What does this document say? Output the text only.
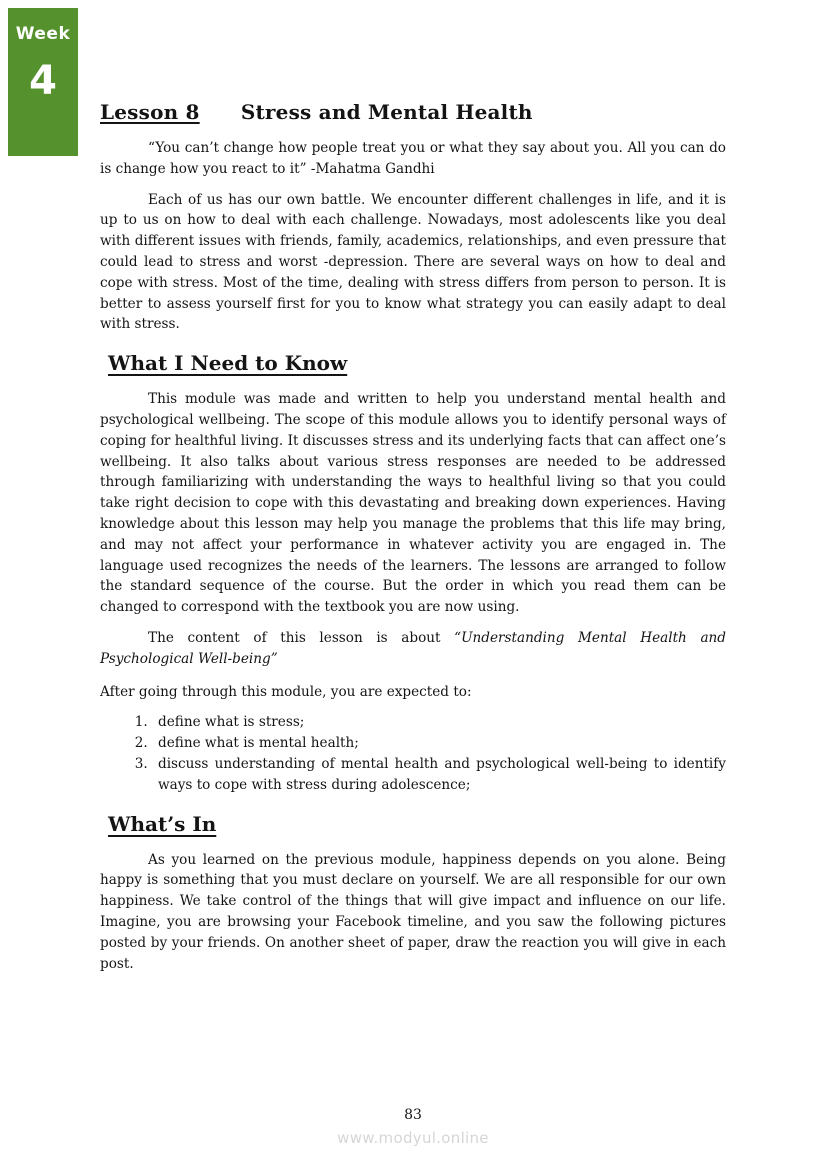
Week
4
Lesson 8 Stress and Mental Health

“You can’t change how people treat you or what they say about you. All you can do is change how you react to it” -Mahatma Gandhi

Each of us has our own battle. We encounter different challenges in life, and it is up to us on how to deal with each challenge. Nowadays, most adolescents like you deal with different issues with friends, family, academics, relationships, and even pressure that could lead to stress and worst -depression. There are several ways on how to deal and cope with stress. Most of the time, dealing with stress differs from person to person. It is better to assess yourself first for you to know what strategy you can easily adapt to deal with stress.

What I Need to Know

This module was made and written to help you understand mental health and psychological wellbeing. The scope of this module allows you to identify personal ways of coping for healthful living. It discusses stress and its underlying facts that can affect one’s wellbeing. It also talks about various stress responses are needed to be addressed through familiarizing with understanding the ways to healthful living so that you could take right decision to cope with this devastating and breaking down experiences. Having knowledge about this lesson may help you manage the problems that this life may bring, and may not affect your performance in whatever activity you are engaged in. The language used recognizes the needs of the learners. The lessons are arranged to follow the standard sequence of the course. But the order in which you read them can be changed to correspond with the textbook you are now using.

The content of this lesson is about “Understanding Mental Health and Psychological Well-being”

After going through this module, you are expected to:

1. define what is stress;
2. define what is mental health;
3. discuss understanding of mental health and psychological well-being to identify ways to cope with stress during adolescence;
What’s In

As you learned on the previous module, happiness depends on you alone. Being happy is something that you must declare on yourself. We are all responsible for our own happiness. We take control of the things that will give impact and influence on our life. Imagine, you are browsing your Facebook timeline, and you saw the following pictures posted by your friends. On another sheet of paper, draw the reaction you will give in each post.

83
www.modyul.online
